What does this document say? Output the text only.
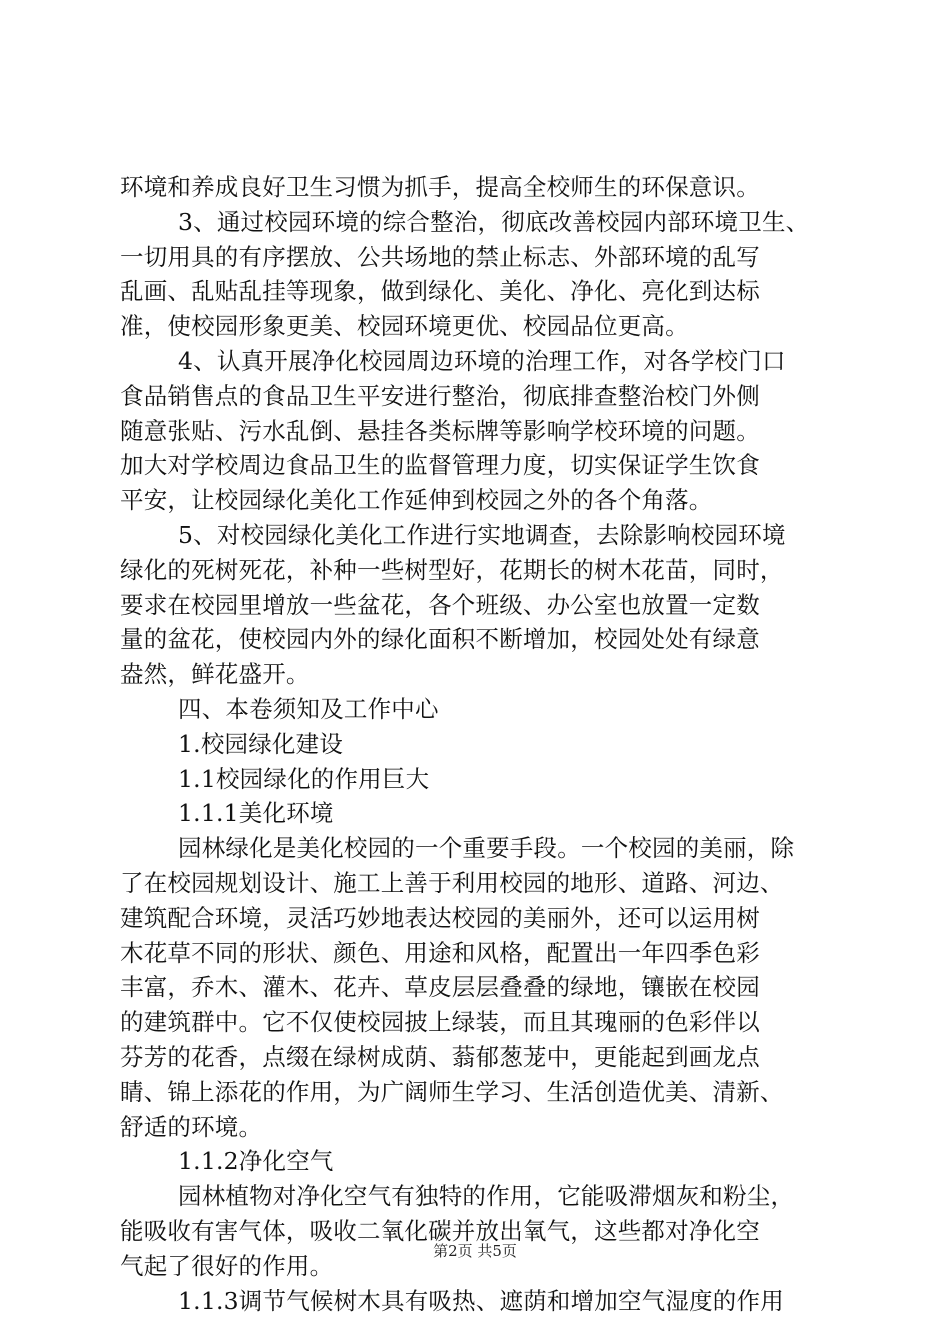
环境和养成良好卫生习惯为抓手，提高全校师生的环保意识。
3、通过校园环境的综合整治，彻底改善校园内部环境卫生、
一切用具的有序摆放、公共场地的禁止标志、外部环境的乱写
乱画、乱贴乱挂等现象，做到绿化、美化、净化、亮化到达标
准，使校园形象更美、校园环境更优、校园品位更高。
4、认真开展净化校园周边环境的治理工作，对各学校门口
食品销售点的食品卫生平安进行整治，彻底排查整治校门外侧
随意张贴、污水乱倒、悬挂各类标牌等影响学校环境的问题。
加大对学校周边食品卫生的监督管理力度，切实保证学生饮食
平安，让校园绿化美化工作延伸到校园之外的各个角落。
5、对校园绿化美化工作进行实地调查，去除影响校园环境
绿化的死树死花，补种一些树型好，花期长的树木花苗，同时，
要求在校园里增放一些盆花，各个班级、办公室也放置一定数
量的盆花，使校园内外的绿化面积不断增加，校园处处有绿意
盎然，鲜花盛开。
四、本卷须知及工作中心
1.校园绿化建设
1.1校园绿化的作用巨大
1.1.1美化环境
园林绿化是美化校园的一个重要手段。一个校园的美丽，除
了在校园规划设计、施工上善于利用校园的地形、道路、河边、
建筑配合环境，灵活巧妙地表达校园的美丽外，还可以运用树
木花草不同的形状、颜色、用途和风格，配置出一年四季色彩
丰富，乔木、灌木、花卉、草皮层层叠叠的绿地，镶嵌在校园
的建筑群中。它不仅使校园披上绿装，而且其瑰丽的色彩伴以
芬芳的花香，点缀在绿树成荫、蓊郁葱茏中，更能起到画龙点
睛、锦上添花的作用，为广阔师生学习、生活创造优美、清新、
舒适的环境。
1.1.2净化空气
园林植物对净化空气有独特的作用，它能吸滞烟灰和粉尘，
能吸收有害气体，吸收二氧化碳并放出氧气，这些都对净化空
气起了很好的作用。
1.1.3调节气候树木具有吸热、遮荫和增加空气湿度的作用
第2页 共5页
